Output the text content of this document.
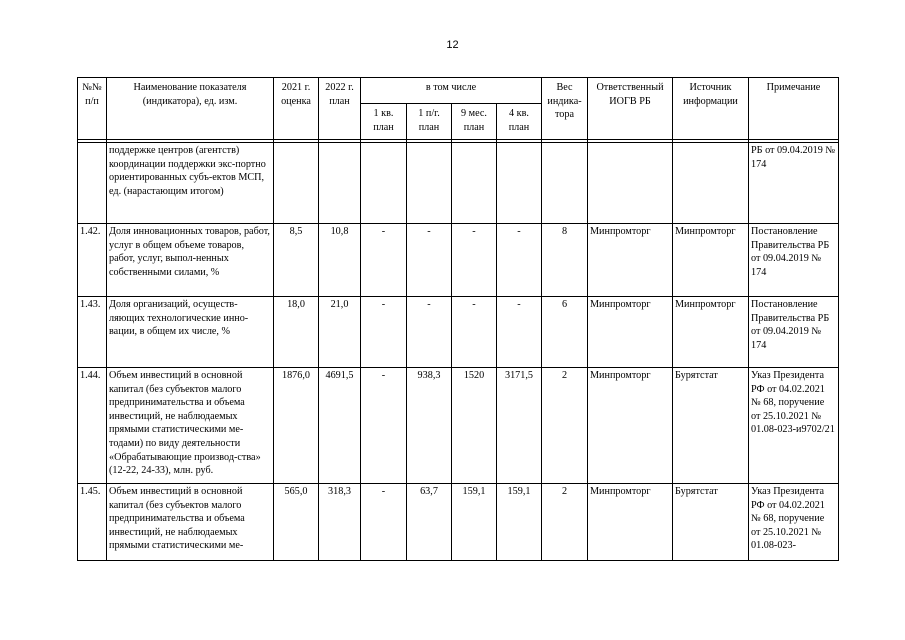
12
№№ п/п	Наименование показателя (индикатора), ед. изм.	2021 г. оценка	2022 г. план	в том числе				Вес индика-тора	Ответственный ИОГВ РБ	Источник информации	Примечание
				1 кв. план	1 п/г. план	9 мес. план	4 кв. план				

	поддержке центров (агентств) координации поддержки экс-портно ориентированных субъ-ектов МСП, ед. (нарастающим итогом)										РБ от 09.04.2019 № 174
1.42.	Доля инновационных товаров, работ, услуг в общем объеме товаров, работ, услуг, выпол-ненных собственными силами, %	8,5	10,8	-	-	-	-	8	Минпромторг	Минпромторг	Постановление Правительства РБ от 09.04.2019 № 174
1.43.	Доля организаций, осуществ-ляющих технологические инно-вации, в общем их числе, %	18,0	21,0	-	-	-	-	6	Минпромторг	Минпромторг	Постановление Правительства РБ от 09.04.2019 № 174
1.44.	Объем инвестиций в основной капитал (без субъектов малого предпринимательства и объема инвестиций, не наблюдаемых прямыми статистическими ме-тодами) по виду деятельности «Обрабатывающие производ-ства» (12-22, 24-33), млн. руб.	1876,0	4691,5	-	938,3	1520	3171,5	2	Минпромторг	Бурятстат	Указ Президента РФ от 04.02.2021 № 68, поручение от 25.10.2021 № 01.08-023-и9702/21
1.45.	Объем инвестиций в основной капитал (без субъектов малого предпринимательства и объема инвестиций, не наблюдаемых прямыми статистическими ме-	565,0	318,3	-	63,7	159,1	159,1	2	Минпромторг	Бурятстат	Указ Президента РФ от 04.02.2021 № 68, поручение от 25.10.2021 № 01.08-023-
